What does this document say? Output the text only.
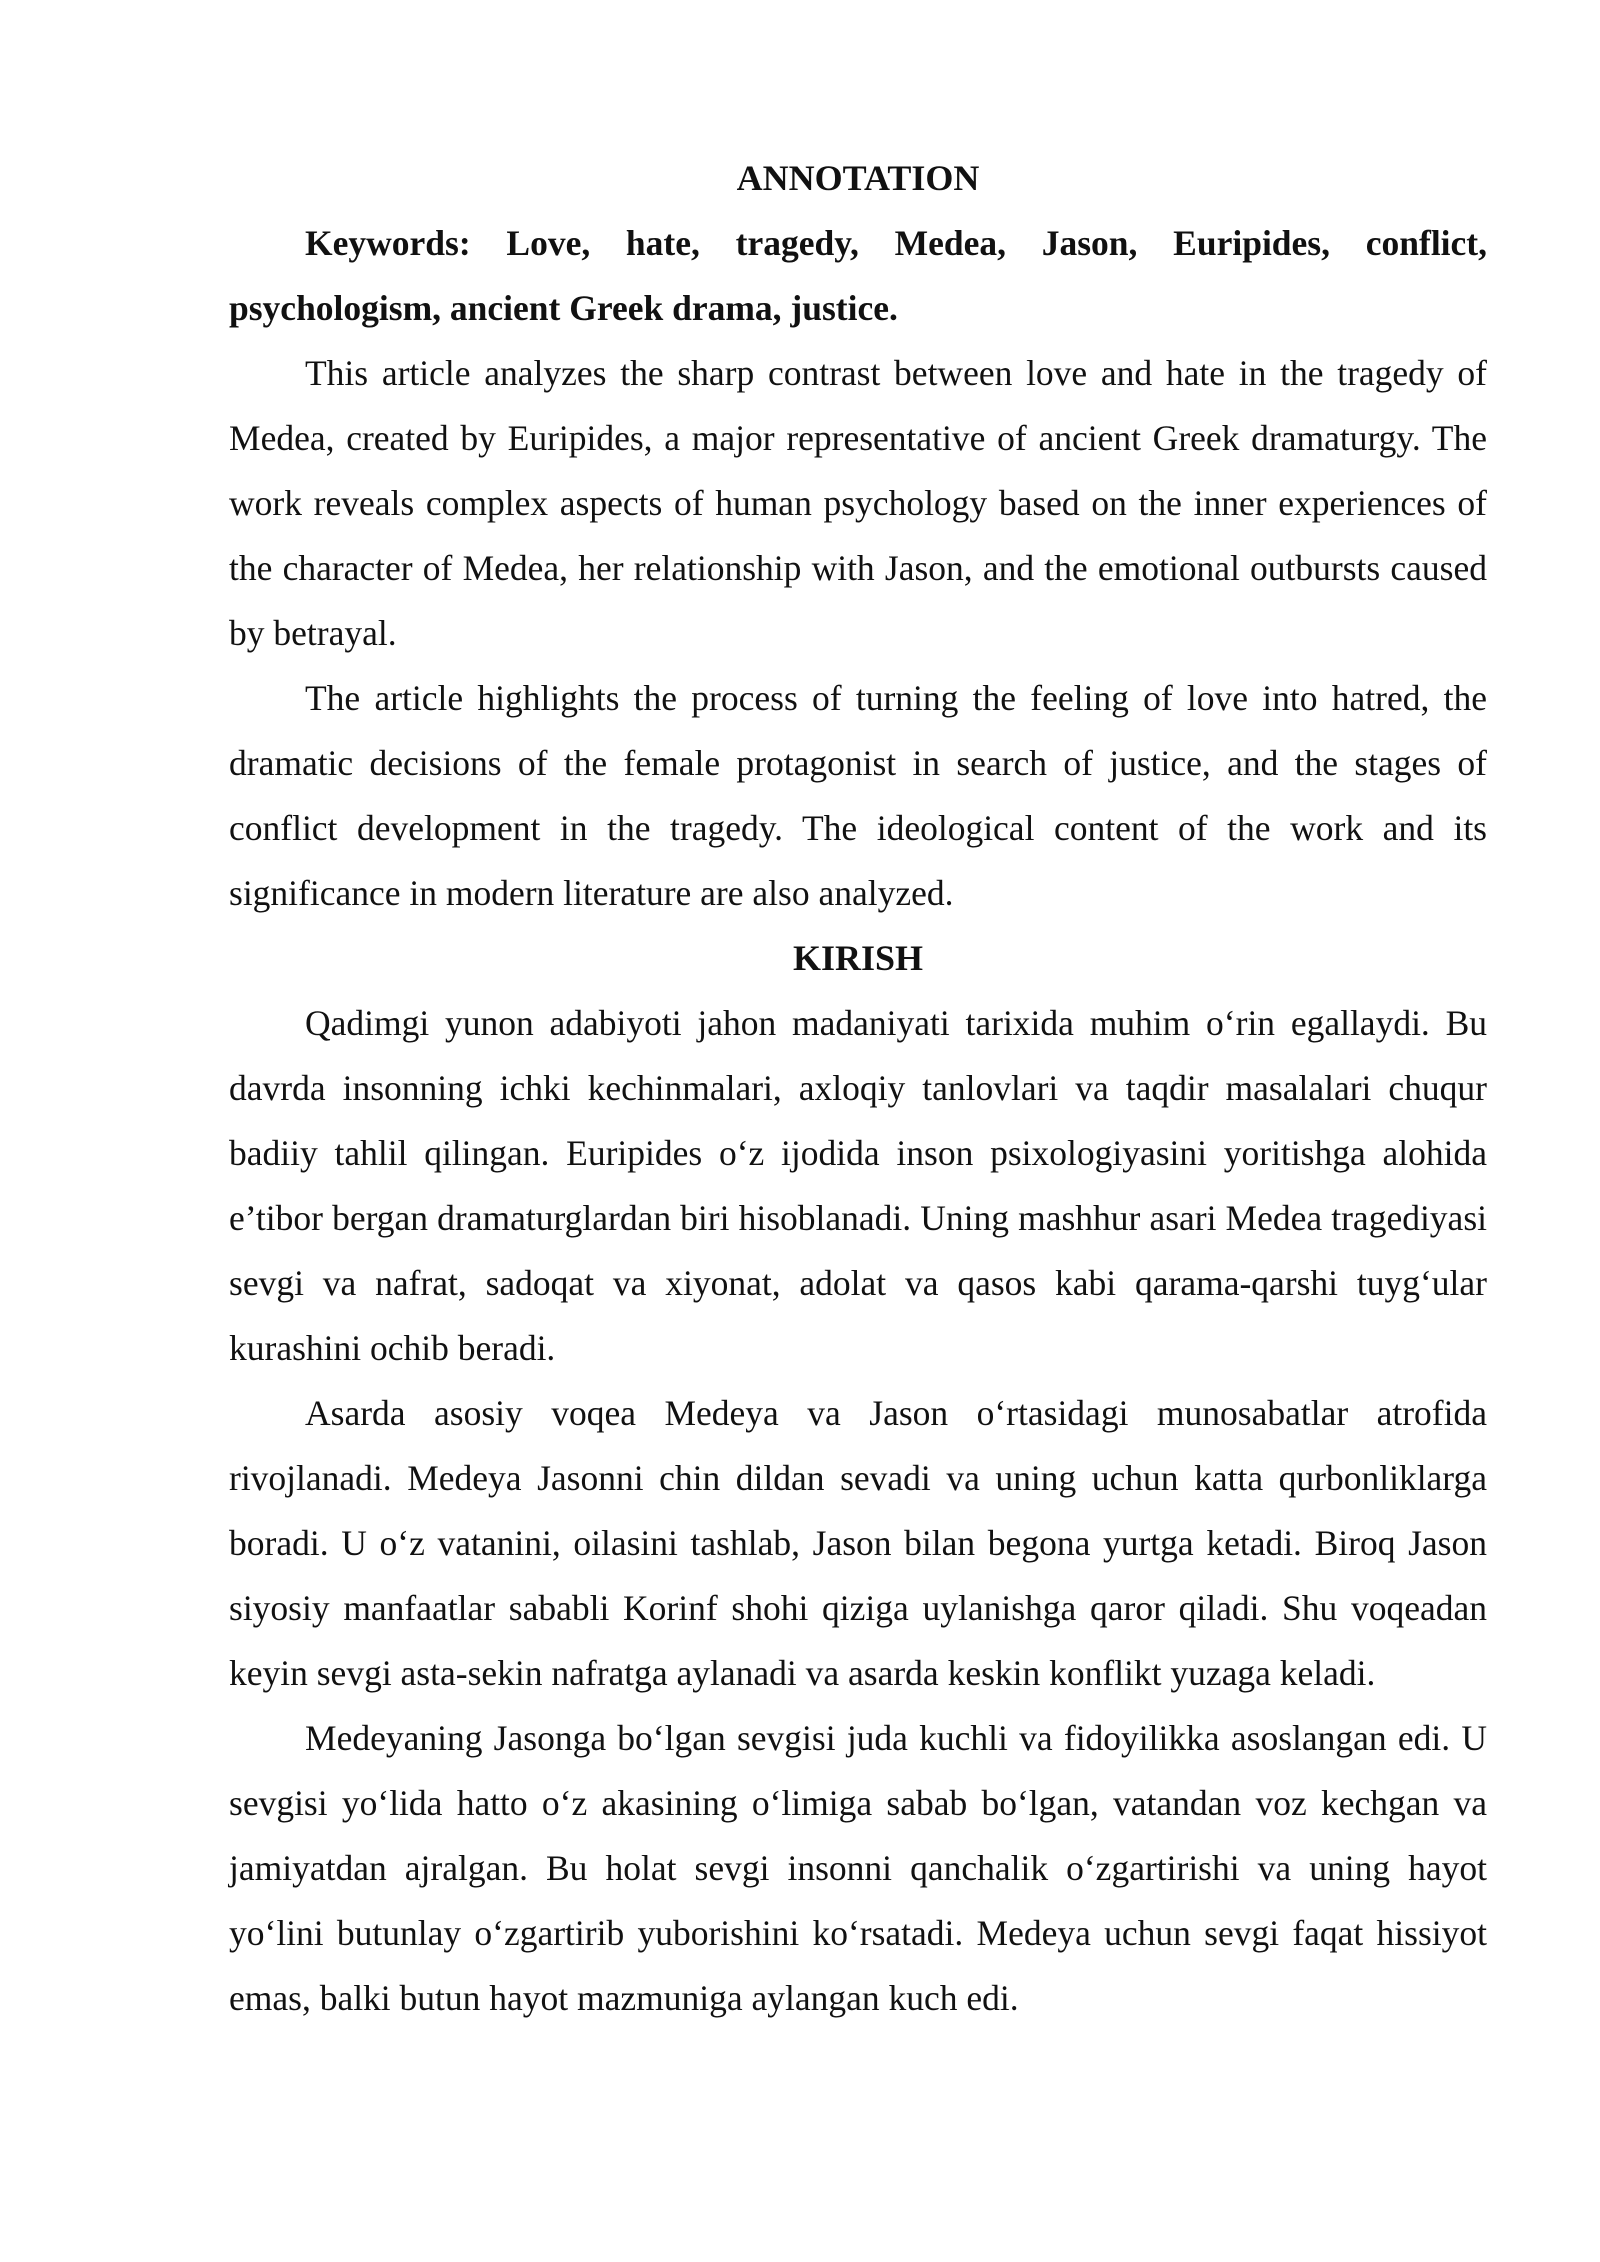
ANNOTATION

Keywords: Love, hate, tragedy, Medea, Jason, Euripides, conflict, psychologism, ancient Greek drama, justice.

This article analyzes the sharp contrast between love and hate in the tragedy of Medea, created by Euripides, a major representative of ancient Greek dramaturgy. The work reveals complex aspects of human psychology based on the inner experiences of the character of Medea, her relationship with Jason, and the emotional outbursts caused by betrayal.

The article highlights the process of turning the feeling of love into hatred, the dramatic decisions of the female protagonist in search of justice, and the stages of conflict development in the tragedy. The ideological content of the work and its significance in modern literature are also analyzed.

KIRISH

Qadimgi yunon adabiyoti jahon madaniyati tarixida muhim oʻrin egallaydi. Bu davrda insonning ichki kechinmalari, axloqiy tanlovlari va taqdir masalalari chuqur badiiy tahlil qilingan. Euripides oʻz ijodida inson psixologiyasini yoritishga alohida e’tibor bergan dramaturglardan biri hisoblanadi. Uning mashhur asari Medea tragediyasi sevgi va nafrat, sadoqat va xiyonat, adolat va qasos kabi qarama-qarshi tuygʻular kurashini ochib beradi.

Asarda asosiy voqea Medeya va Jason oʻrtasidagi munosabatlar atrofida rivojlanadi. Medeya Jasonni chin dildan sevadi va uning uchun katta qurbonliklarga boradi. U oʻz vatanini, oilasini tashlab, Jason bilan begona yurtga ketadi. Biroq Jason siyosiy manfaatlar sababli Korinf shohi qiziga uylanishga qaror qiladi. Shu voqeadan keyin sevgi asta-sekin nafratga aylanadi va asarda keskin konflikt yuzaga keladi.

Medeyaning Jasonga boʻlgan sevgisi juda kuchli va fidoyilikka asoslangan edi. U sevgisi yoʻlida hatto oʻz akasining oʻlimiga sabab boʻlgan, vatandan voz kechgan va jamiyatdan ajralgan. Bu holat sevgi insonni qanchalik oʻzgartirishi va uning hayot yoʻlini butunlay oʻzgartirib yuborishini koʻrsatadi. Medeya uchun sevgi faqat hissiyot emas, balki butun hayot mazmuniga aylangan kuch edi.
